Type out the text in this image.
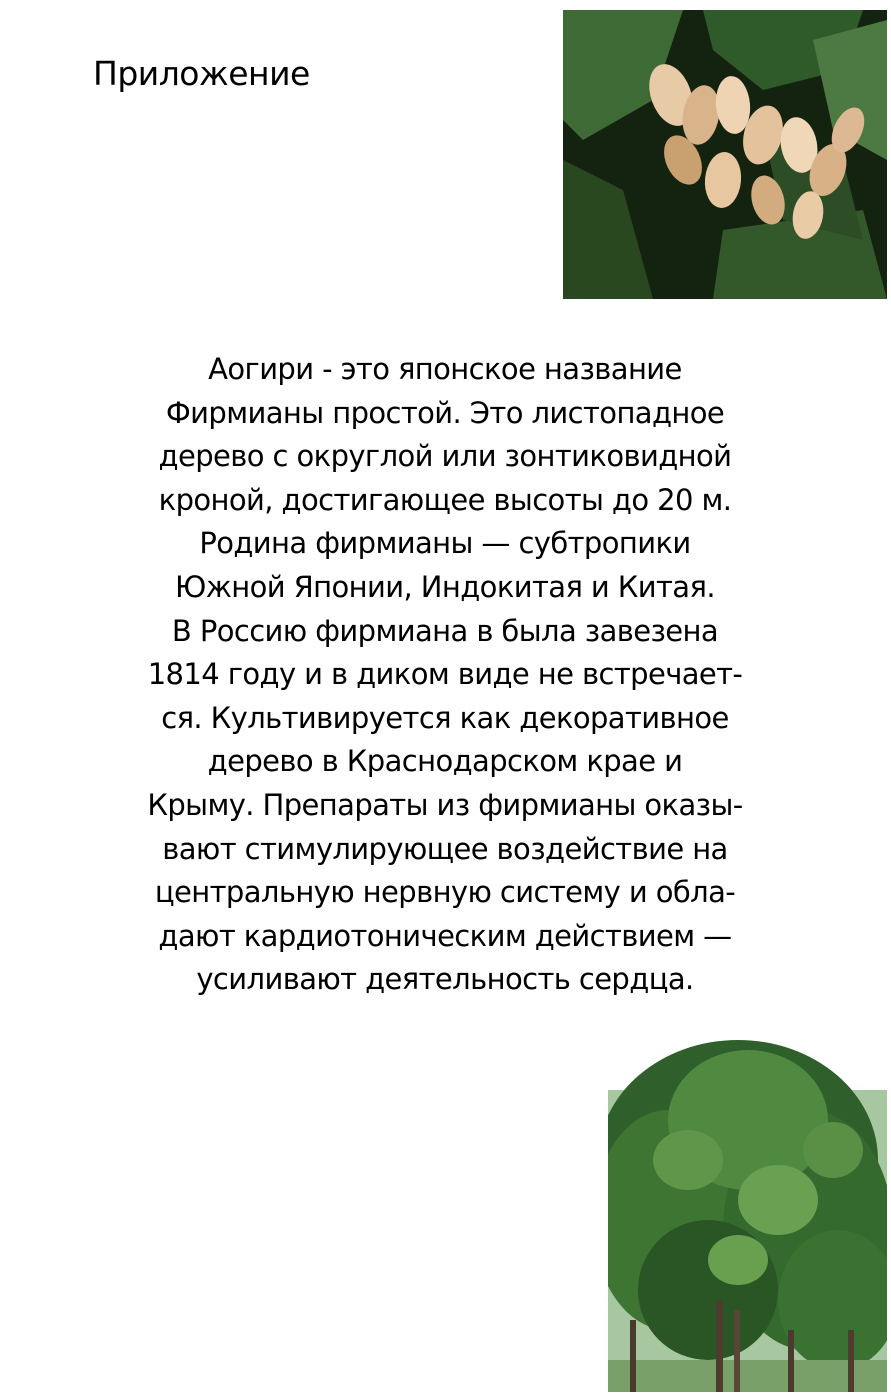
Приложение
Аогири - это японское название
Фирмианы простой. Это листопадное
дерево с округлой или зонтиковидной
кроной, достигающее высоты до 20 м.
Родина фирмианы — субтропики
Южной Японии, Индокитая и Китая.
В Россию фирмиана в была завезена
1814 году и в диком виде не встречает-
ся. Культивируется как декоративное
дерево в Краснодарском крае и
Крыму. Препараты из фирмианы оказы-
вают стимулирующее воздействие на
центральную нервную систему и обла-
дают кардиотоническим действием —
усиливают деятельность сердца.
